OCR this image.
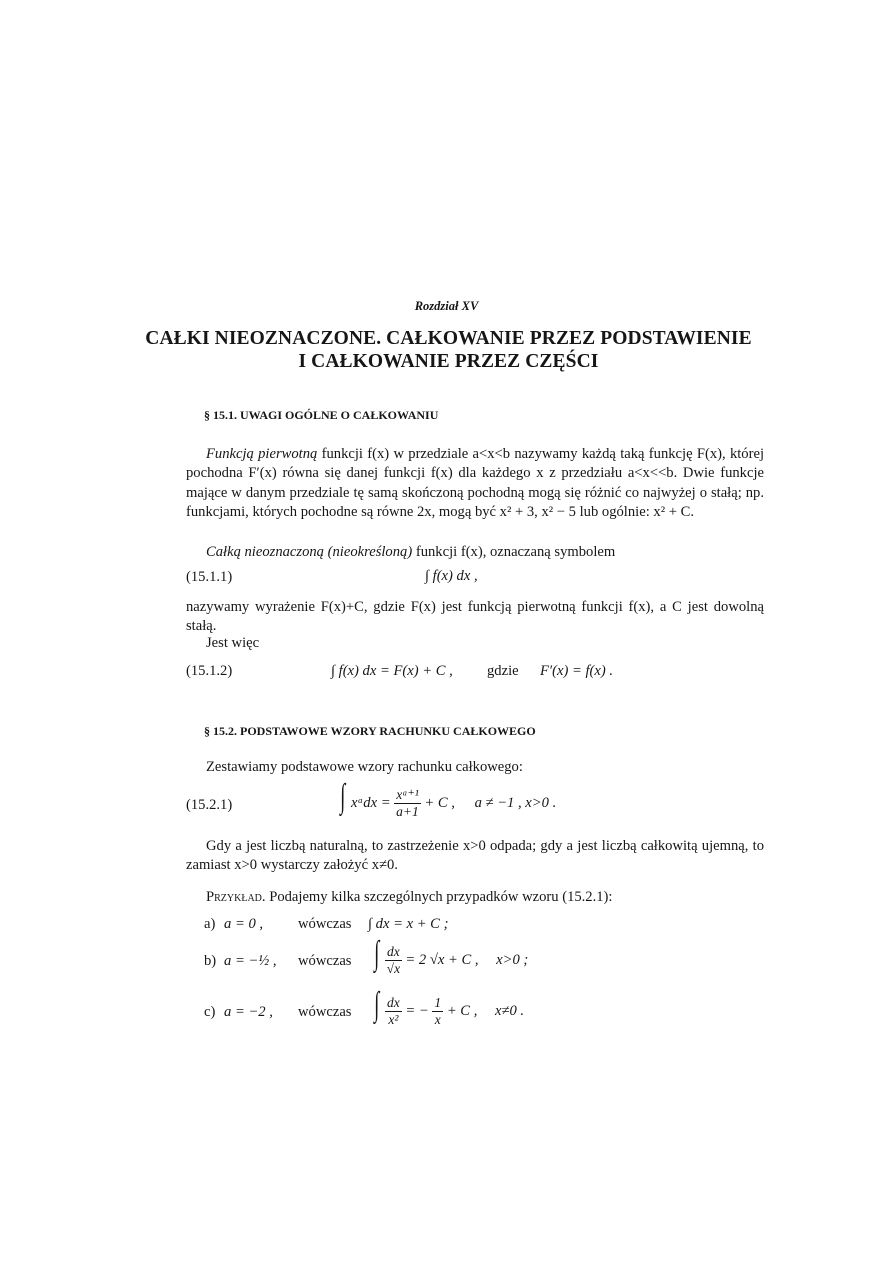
Rozdział XV
CAŁKI NIEOZNACZONE. CAŁKOWANIE PRZEZ PODSTAWIENIE
I CAŁKOWANIE PRZEZ CZĘŚCI
§ 15.1. UWAGI OGÓLNE O CAŁKOWANIU

Funkcją pierwotną funkcji f(x) w przedziale a<x<b nazywamy każdą taką funkcję F(x), której pochodna F′(x) równa się danej funkcji f(x) dla każdego x z przedziału a<x<<b. Dwie funkcje mające w danym przedziale tę samą skończoną pochodną mogą się różnić co najwyżej o stałą; np. funkcjami, których pochodne są równe 2x, mogą być x² + 3, x² − 5 lub ogólnie: x² + C.

Całką nieoznaczoną (nieokreśloną) funkcji f(x), oznaczaną symbolem

(15.1.1)	∫ f(x) dx ,

nazywamy wyrażenie F(x)+C, gdzie F(x) jest funkcją pierwotną funkcji f(x), a C jest dowolną stałą.

Jest więc

(15.1.2)	∫ f(x) dx = F(x) + C , gdzie F′(x) = f(x) .
§ 15.2. PODSTAWOWE WZORY RACHUNKU CAŁKOWEGO

Zestawiamy podstawowe wzory rachunku całkowego:

(15.2.1)	∫ xᵃdx = $\frac{\text{xᵃ⁺¹}}{a+1} + C$ , a ≠ −1 , x>0 .

Gdy a jest liczbą naturalną, to zastrzeżenie x>0 odpada; gdy a jest liczbą całkowitą ujemną, to zamiast x>0 wystarczy założyć x≠0.

Przykład. Podajemy kilka szczególnych przypadków wzoru (15.2.1):

a) a = 0 , wówczas ∫ dx = x + C ;
b) a = −½ , wówczas ∫ $\frac{dx}{√x} = 2$ √x + C , x>0 ;
c) a = −2 , wówczas ∫ $\frac{dx}{\text{x²}}$ = − $\frac{1}{x} + C$ , x≠0 .
